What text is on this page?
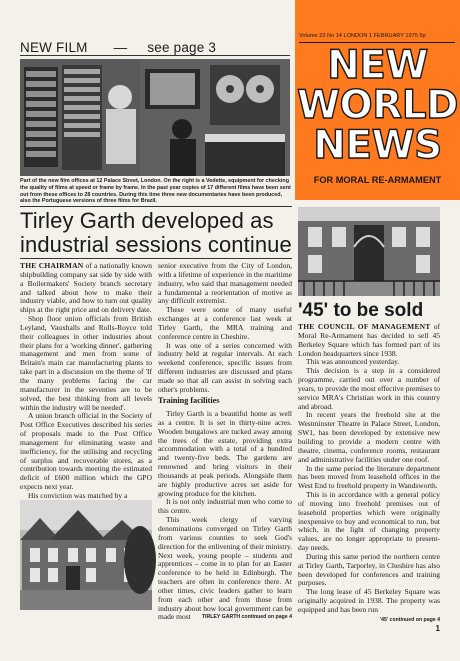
NEW FILM — see page 3
Part of the new film offices at 12 Palace Street, London. On the right is a Vedette, equipment for checking the quality of films at speed or frame by frame. In the past year copies of 17 different films have been sent out from these offices to 28 countries. During this time three new documentaries have been produced, also the Portuguese versions of three films for Brazil.
Volume 23 No 14 LONDON 1 FEBRUARY 1975 5p
NEW
WORLD
NEWS
FOR MORAL RE-ARMAMENT
Tirley Garth developed as
industrial sessions continue

THE CHAIRMAN of a nationally known shipbuilding company sat side by side with a Boilermakers' Society branch secretary and talked about how to make their industry viable, and how to turn out quality ships at the right price and on delivery date.

Shop floor union officials from British Leyland, Vauxhalls and Rolls-Royce told their colleagues in other industries about their plans for a 'working dinner', gathering management and men from some of Britain's main car manufacturing plants to take part in a discussion on the theme of 'If the many problems facing the car manufacturer in the seventies are to be solved, the best thinking from all levels within the industry will be needed'.

A union branch official in the Society of Post Office Executives described his series of proposals made to the Post Office management for eliminating waste and inefficiency, for the utilising and recycling of surplus and recoverable stores, as a contribution towards meeting the estimated deficit of £600 million which the GPO expects next year.

His conviction was matched by a

senior executive from the City of London, with a lifetime of experience in the maritime industry, who said that management needed a fundamental a reorientation of motive as any difficult extremist.

These were some of many useful exchanges at a conference last week at Tirley Garth, the MRA training and conference centre in Cheshire.

It was one of a series concerned with industry held at regular intervals. At each weekend conference, specific issues from different industries are discussed and plans made so that all can assist in solving each other's problems.

Training facilities

Tirley Garth is a beautiful home as well as a centre. It is set in thirty-nine acres. Wooden bungalows are tucked away among the trees of the estate, providing extra accommodation with a total of a hundred and twenty-five beds. The gardens are renowned and bring visitors in their thousands at peak periods. Alongside them are highly productive acres set aside for growing produce for the kitchen.

It is not only industrial men who come to this centre.

This week clergy of varying denominations converged on Tirley Garth from various counties to seek God's direction for the enlivening of their ministry. Next week, young people – students and apprentices – come in to plan for an Easter conference to be held in Edinburgh. The teachers are often in conference there. At other times, civic leaders gather to learn from each other and from those from industry about how local government can be made most	TIRLEY GARTH continued on page 4
'45' to be sold

THE COUNCIL OF MANAGEMENT of Moral Re-Armament has decided to sell 45 Berkeley Square which has formed part of its London headquarters since 1938.

This was announced yesterday.

This decision is a step in a considered programme, carried out over a number of years, to provide the most effective premises to service MRA's Christian work in this country and abroad.

In recent years the freehold site at the Westminster Theatre in Palace Street, London, SW1, has been developed by extensive new building to provide a modern centre with theatre, cinema, conference rooms, restaurant and administrative facilities under one roof.

In the same period the literature department has been moved from leasehold offices in the West End to freehold property in Wandsworth.

This is in accordance with a general policy of moving into freehold premises out of leasehold properties which were originally inexpensive to buy and economical to run, but which, in the light of changing property values, are no longer appropriate to present-day needs.

During this same period the northern centre at Tirley Garth, Tarporley, in Cheshire has also been developed for conferences and training purposes.

The long lease of 45 Berkeley Square was originally acquired in 1938. The property was equipped and has been run

'45' continued on page 4
1
